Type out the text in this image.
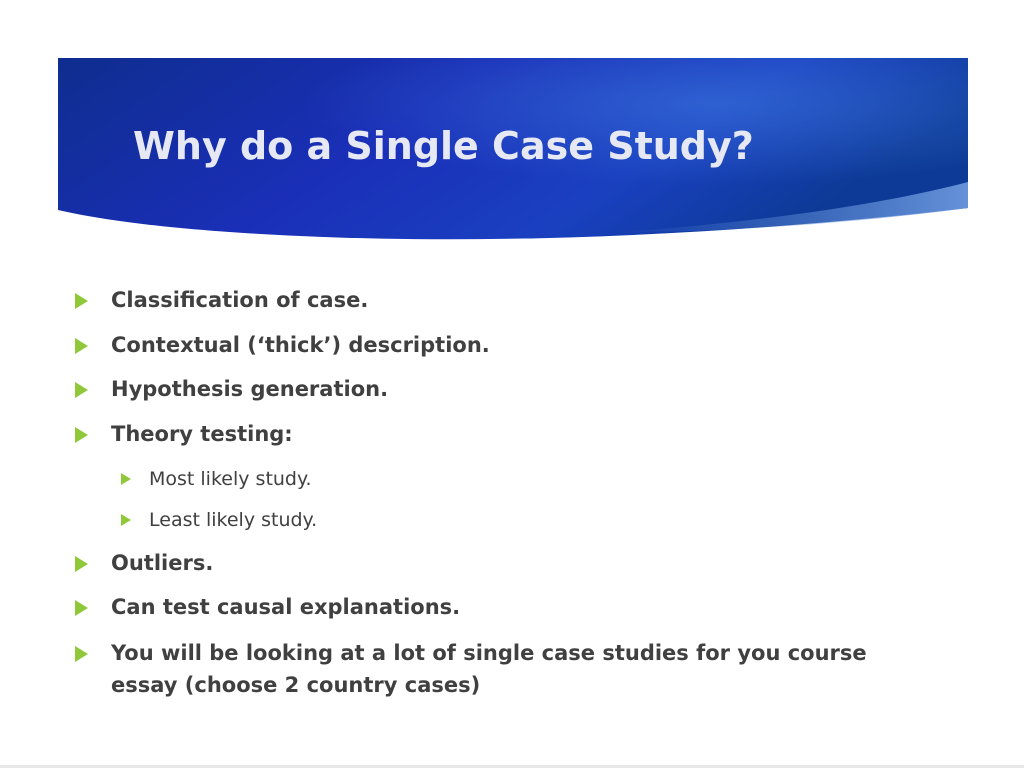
Why do a Single Case Study?
Classification of case.
Contextual (‘thick’) description.
Hypothesis generation.
Theory testing:
Most likely study.
Least likely study.
Outliers.
Can test causal explanations.
You will be looking at a lot of single case studies for you course
essay (choose 2 country cases)
